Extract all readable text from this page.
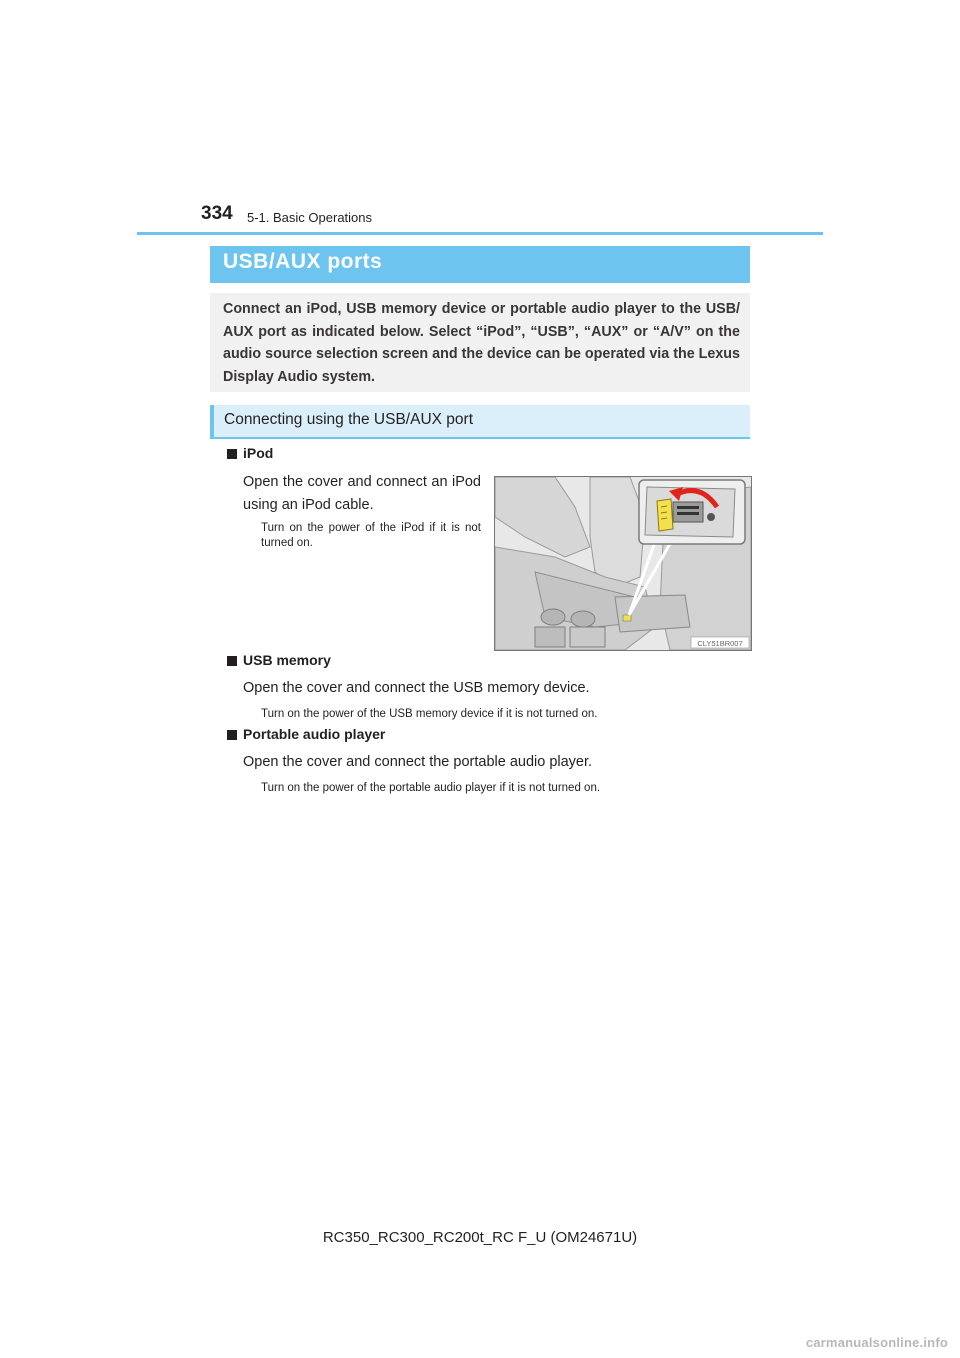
334 5-1. Basic Operations
USB/AUX ports
Connect an iPod, USB memory device or portable audio player to the USB/ AUX port as indicated below. Select “iPod”, “USB”, “AUX” or “A/V” on the audio source selection screen and the device can be operated via the Lexus Display Audio system.
Connecting using the USB/AUX port
iPod
Open the cover and connect an iPod using an iPod cable.
Turn on the power of the iPod if it is not turned on.
CLY51BR007
USB memory
Open the cover and connect the USB memory device.
Turn on the power of the USB memory device if it is not turned on.
Portable audio player
Open the cover and connect the portable audio player.
Turn on the power of the portable audio player if it is not turned on.
RC350_RC300_RC200t_RC F_U (OM24671U)
carmanualsonline.info
